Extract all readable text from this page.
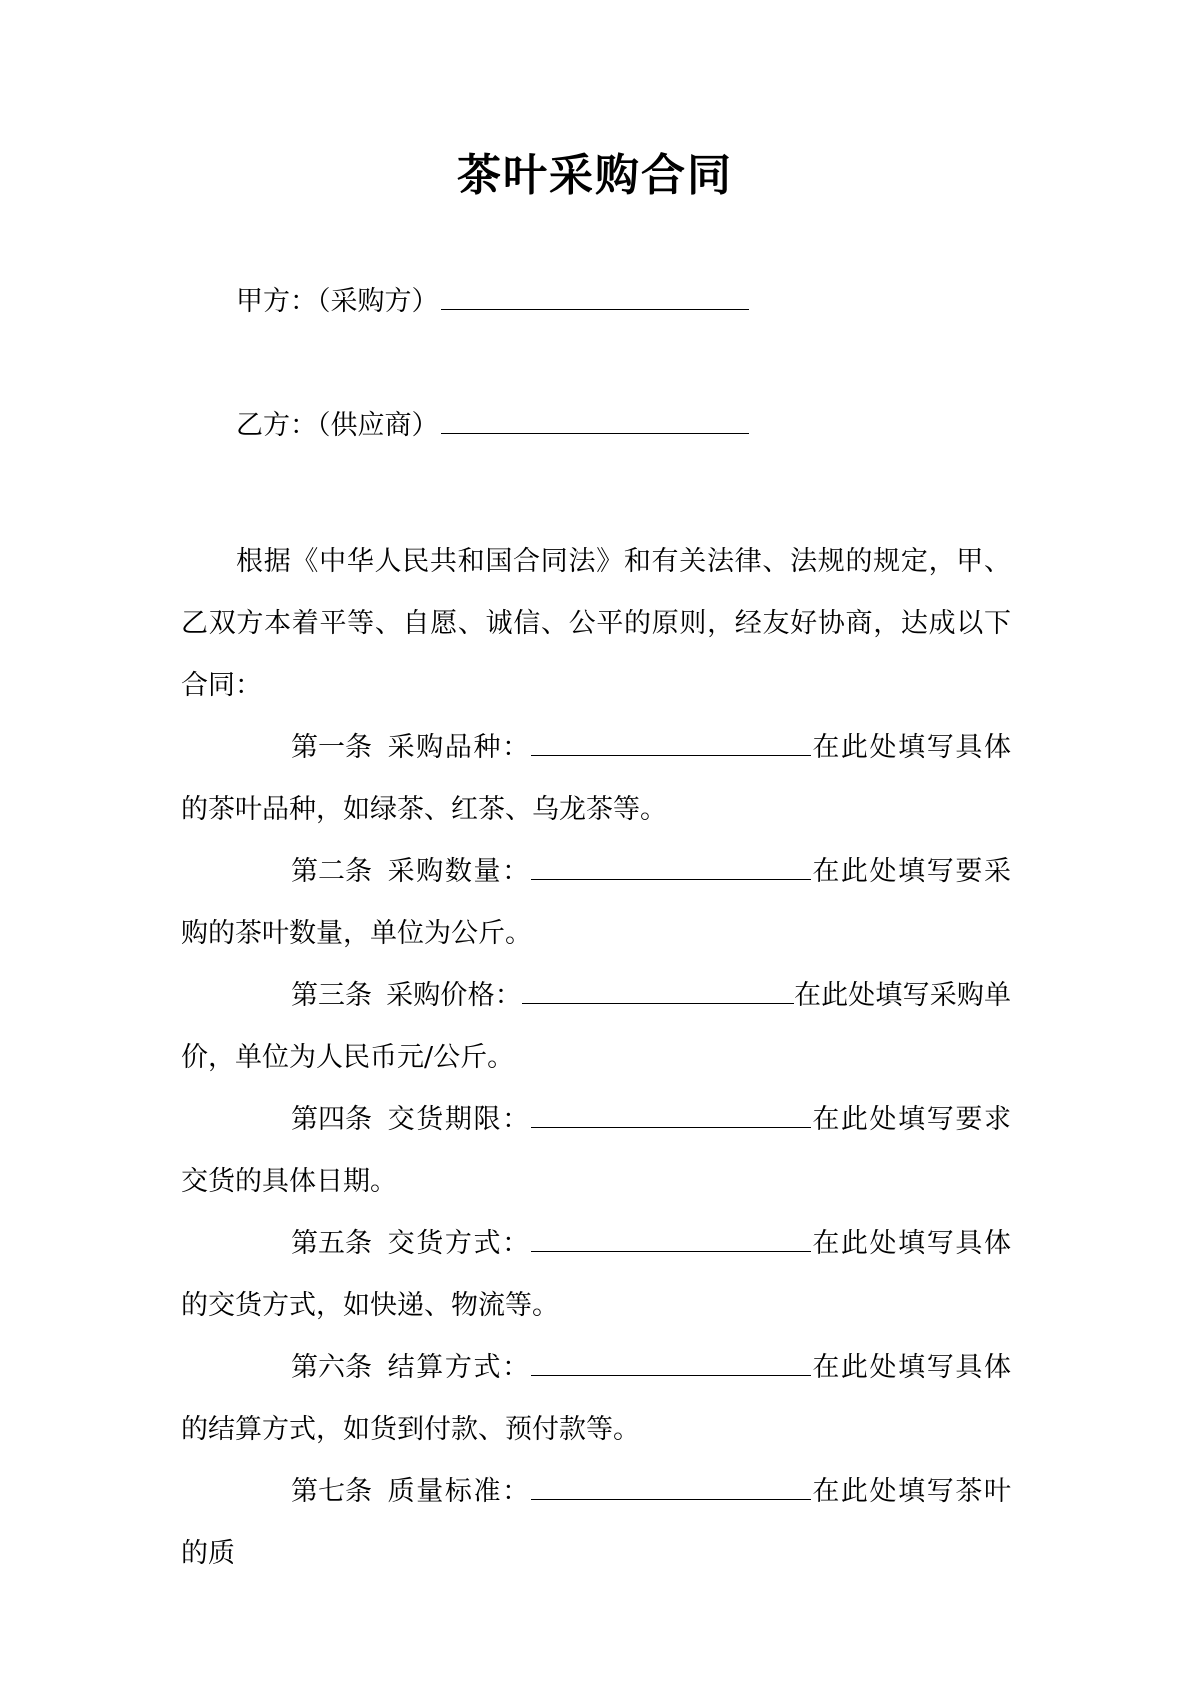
茶叶采购合同
甲方：（采购方）
乙方：（供应商）

根据《中华人民共和国合同法》和有关法律、法规的规定，甲、乙双方本着平等、自愿、诚信、公平的原则，经友好协商，达成以下合同：

第一条 采购品种：	在此处填写具体的茶叶品种，如绿茶、红茶、乌龙茶等。

第二条 采购数量：	在此处填写要采购的茶叶数量，单位为公斤。

第三条 采购价格：	在此处填写采购单价，单位为人民币元/公斤。

第四条 交货期限：	在此处填写要求交货的具体日期。

第五条 交货方式：	在此处填写具体的交货方式，如快递、物流等。

第六条 结算方式：	在此处填写具体的结算方式，如货到付款、预付款等。

第七条 质量标准：	在此处填写茶叶的质
